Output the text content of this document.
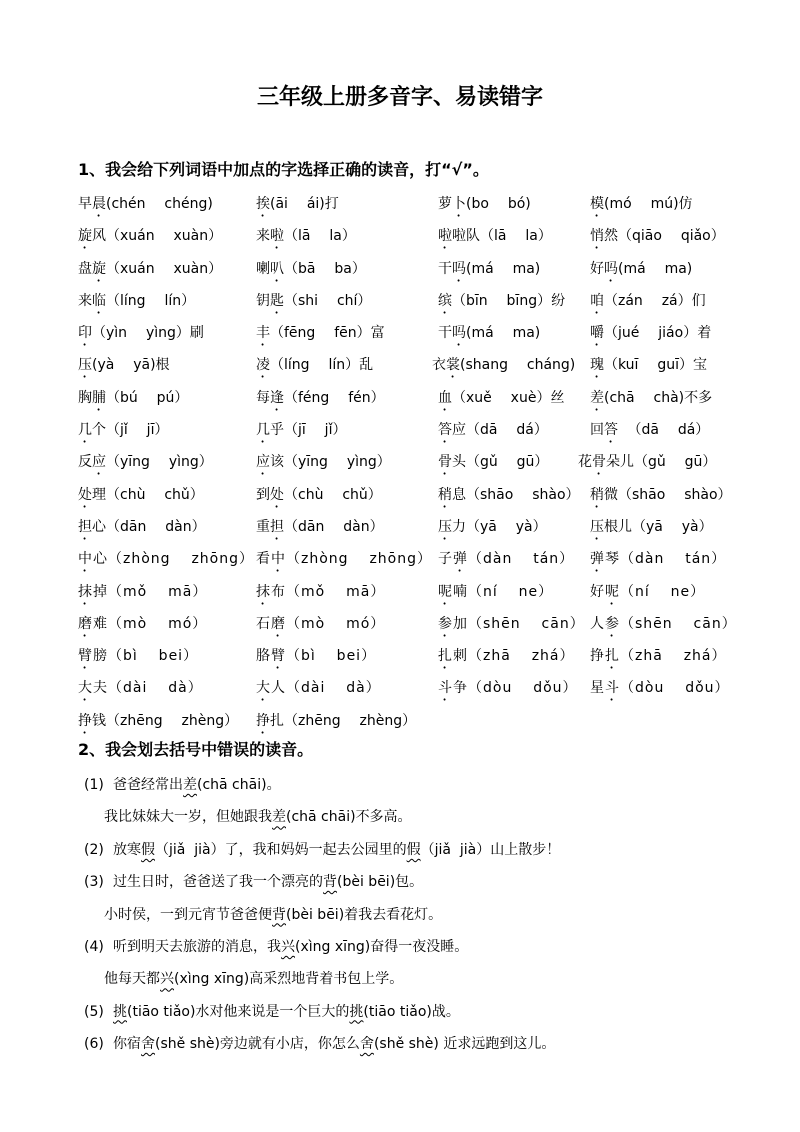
三年级上册多音字、易读错字
1、我会给下列词语中加点的字选择正确的读音，打“√”。
早晨(chén  chéng)	挨(āi  ái)打	萝卜(bo  bó)	模(mó  mú)仿
旋风（xuán  xuàn） 来啦（lā  la）	啦啦队（lā  la）	悄然（qiāo  qiǎo）
盘旋（xuán  xuàn） 喇叭（bā  ba）	干吗(má  ma)	好吗(má  ma)
来临（líng  lín）	钥匙（shi  chí）	缤（bīn  bīng）纷 咱（zán  zá）们
印（yìn  yìng）刷	丰（fēng  fēn）富	干吗(má  ma)	嚼（jué  jiáo）着
压(yà  yā)根	凌（líng  lín）乱	衣裳(shang  cháng) 瑰（kuī  guī）宝
胸脯（bú  pú）	每逢（féng  fén）	血（xuě  xuè）丝 差(chā  chà)不多
几个（jǐ  jī）	几乎（jī  jǐ）	答应（dā  dá）	回答 （dā  dá）
反应（yīng  yìng）	应该（yīng  yìng）	骨头（gǔ  gū） 花骨朵儿（gǔ  gū）
处理（chù  chǔ）	到处（chù  chǔ）	稍息（shāo  shào） 稍微（shāo  shào）
担心（dān  dàn）	重担（dān  dàn）	压力（yā  yà）	压根儿（yā  yà）
中心（zhòng  zhōng） 看中（zhòng  zhōng） 子弹（dàn  tán） 弹琴（dàn  tán）
抹掉（mǒ  mā）	抹布（mǒ  mā）	呢喃（ní  ne）	好呢（ní  ne）
磨难（mò  mó）	石磨（mò  mó）	参加（shēn  cān） 人参（shēn  cān）
臂膀（bì  bei）	胳臂（bì  bei）	扎刺（zhā  zhá） 挣扎（zhā  zhá）
大夫（dài  dà）	大人（dài  dà）	斗争（dòu  dǒu） 星斗（dòu  dǒu）
挣钱（zhēng  zhèng） 挣扎（zhēng  zhèng）
2、我会划去括号中错误的读音。
(1) 爸爸经常出差(chā chāi)。
我比妹妹大一岁，但她跟我差(chā chāi)不多高。
(2) 放寒假（jiǎ  jià）了，我和妈妈一起去公园里的假（jiǎ  jià）山上散步！
(3) 过生日时，爸爸送了我一个漂亮的背(bèi bēi)包。
小时侯，一到元宵节爸爸便背(bèi bēi)着我去看花灯。
(4) 听到明天去旅游的消息，我兴(xìng xīng)奋得一夜没睡。
他每天都兴(xìng xīng)高采烈地背着书包上学。
(5) 挑(tiāo tiǎo)水对他来说是一个巨大的挑(tiāo tiǎo)战。
(6) 你宿舍(shě shè)旁边就有小店，你怎么舍(shě shè) 近求远跑到这儿。
